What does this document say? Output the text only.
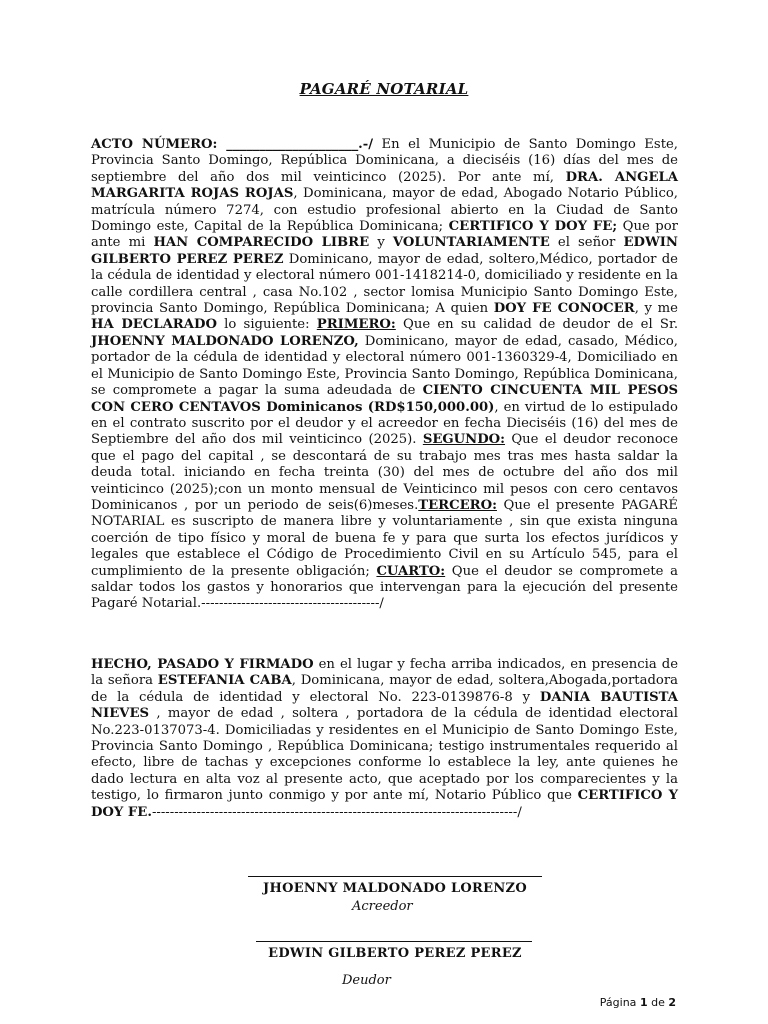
PAGARÉ NOTARIAL
ACTO NÚMERO: ____________________.-/ En el Municipio de Santo Domingo Este, Provincia Santo Domingo, República Dominicana, a dieciséis (16) días del mes de septiembre del año dos mil veinticinco (2025). Por ante mí, DRA. ANGELA MARGARITA ROJAS ROJAS, Dominicana, mayor de edad, Abogado Notario Público, matrícula número 7274, con estudio profesional abierto en la Ciudad de Santo Domingo este, Capital de la República Dominicana; CERTIFICO Y DOY FE; Que por ante mi HAN COMPARECIDO LIBRE y VOLUNTARIAMENTE el señor EDWIN GILBERTO PEREZ PEREZ Dominicano, mayor de edad, soltero,Médico, portador de la cédula de identidad y electoral número 001-1418214-0, domiciliado y residente en la calle cordillera central , casa No.102 , sector lomisa Municipio Santo Domingo Este, provincia Santo Domingo, República Dominicana; A quien DOY FE CONOCER, y me HA DECLARADO lo siguiente: PRIMERO: Que en su calidad de deudor de el Sr. JHOENNY MALDONADO LORENZO, Dominicano, mayor de edad, casado, Médico, portador de la cédula de identidad y electoral número 001-1360329-4, Domiciliado en el Municipio de Santo Domingo Este, Provincia Santo Domingo, República Dominicana, se compromete a pagar la suma adeudada de CIENTO CINCUENTA MIL PESOS CON CERO CENTAVOS Dominicanos (RD$150,000.00), en virtud de lo estipulado en el contrato suscrito por el deudor y el acreedor en fecha Dieciséis (16) del mes de Septiembre del año dos mil veinticinco (2025). SEGUNDO: Que el deudor reconoce que el pago del capital , se descontará de su trabajo mes tras mes hasta saldar la deuda total. iniciando en fecha treinta (30) del mes de octubre del año dos mil veinticinco (2025);con un monto mensual de Veinticinco mil pesos con cero centavos Dominicanos , por un periodo de seis(6)meses.TERCERO: Que el presente PAGARÉ NOTARIAL es suscripto de manera libre y voluntariamente , sin que exista ninguna coerción de tipo físico y moral de buena fe y para que surta los efectos jurídicos y legales que establece el Código de Procedimiento Civil en su Artículo 545, para el cumplimiento de la presente obligación; CUARTO: Que el deudor se compromete a saldar todos los gastos y honorarios que intervengan para la ejecución del presente Pagaré Notarial.----------------------------------------/
HECHO, PASADO Y FIRMADO en el lugar y fecha arriba indicados, en presencia de la señora ESTEFANIA CABA, Dominicana, mayor de edad, soltera,Abogada,portadora de la cédula de identidad y electoral No. 223-0139876-8 y DANIA BAUTISTA NIEVES , mayor de edad , soltera , portadora de la cédula de identidad electoral No.223-0137073-4. Domiciliadas y residentes en el Municipio de Santo Domingo Este, Provincia Santo Domingo , República Dominicana; testigo instrumentales requerido al efecto, libre de tachas y excepciones conforme lo establece la ley, ante quienes he dado lectura en alta voz al presente acto, que aceptado por los comparecientes y la testigo, lo firmaron junto conmigo y por ante mí, Notario Público que CERTIFICO Y DOY FE.----------------------------------------------------------------------------------/
JHOENNY MALDONADO LORENZO
Acreedor
EDWIN GILBERTO PEREZ PEREZ
Deudor
Página 1 de 2
